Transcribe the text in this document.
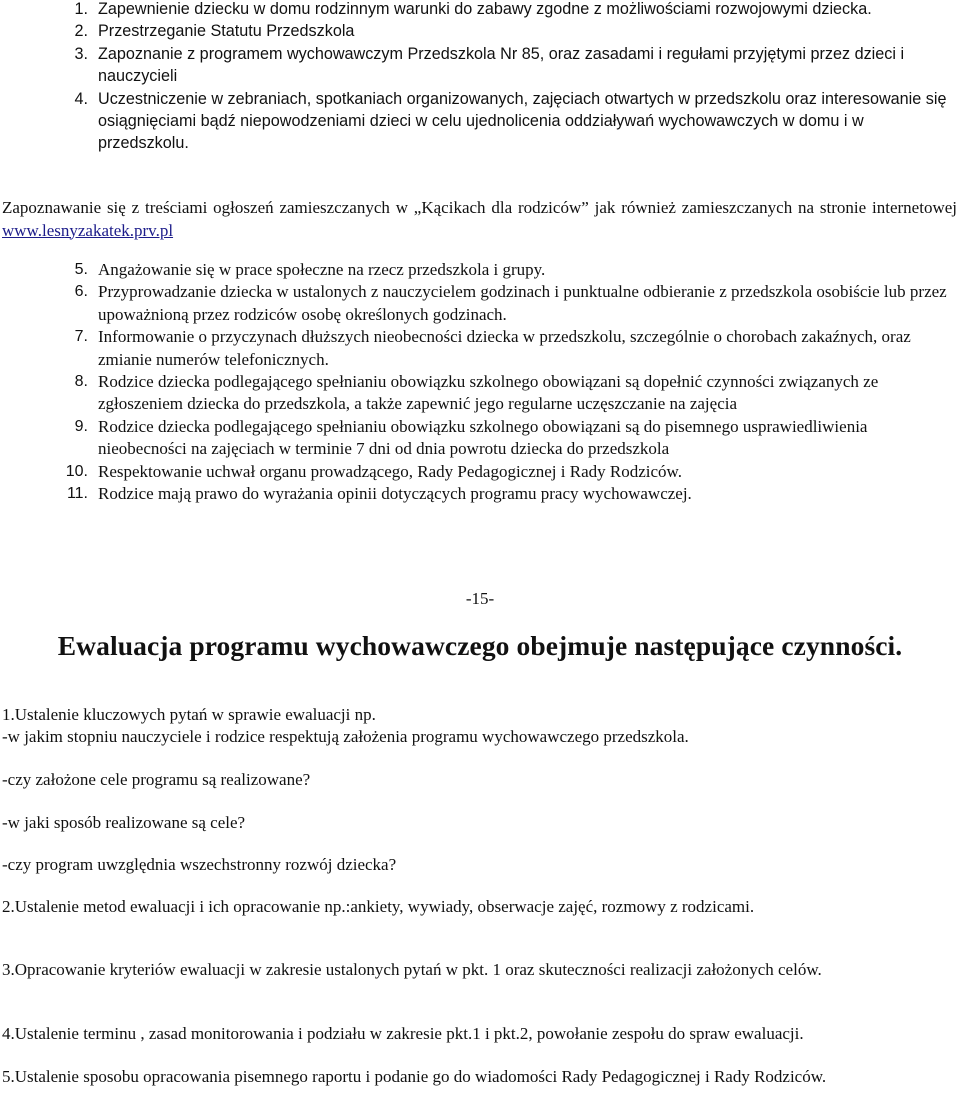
1. Zapewnienie dziecku w domu rodzinnym warunki do zabawy zgodne z możliwościami rozwojowymi dziecka.
2. Przestrzeganie Statutu Przedszkola
3. Zapoznanie z programem wychowawczym Przedszkola Nr 85, oraz zasadami i regułami przyjętymi przez dzieci i nauczycieli
4. Uczestniczenie w zebraniach, spotkaniach organizowanych, zajęciach otwartych w przedszkolu oraz interesowanie się osiągnięciami bądź niepowodzeniami dzieci w celu ujednolicenia oddziaływań wychowawczych w domu i w przedszkolu.

Zapoznawanie się z treściami ogłoszeń zamieszczanych w „Kącikach dla rodziców” jak również zamieszczanych na stronie internetowej www.lesnyzakatek.prv.pl

5. Angażowanie się w prace społeczne na rzecz przedszkola i grupy.
6. Przyprowadzanie dziecka w ustalonych z nauczycielem godzinach i punktualne odbieranie z przedszkola osobiście lub przez upoważnioną przez rodziców osobę określonych godzinach.
7. Informowanie o przyczynach dłuższych nieobecności dziecka w przedszkolu, szczególnie o chorobach zakaźnych, oraz zmianie numerów telefonicznych.
8. Rodzice dziecka podlegającego spełnianiu obowiązku szkolnego obowiązani są dopełnić czynności związanych ze zgłoszeniem dziecka do przedszkola, a także zapewnić jego regularne uczęszczanie na zajęcia
9. Rodzice dziecka podlegającego spełnianiu obowiązku szkolnego obowiązani są do pisemnego usprawiedliwienia nieobecności na zajęciach w terminie 7 dni od dnia powrotu dziecka do przedszkola
10. Respektowanie uchwał organu prowadzącego, Rady Pedagogicznej i Rady Rodziców.
11. Rodzice mają prawo do wyrażania opinii dotyczących programu pracy wychowawczej.

-15-

Ewaluacja programu wychowawczego obejmuje następujące czynności.

1.Ustalenie kluczowych pytań w sprawie ewaluacji np.

-w jakim stopniu nauczyciele i rodzice respektują założenia programu wychowawczego przedszkola.

-czy założone cele programu są realizowane?

-w jaki sposób realizowane są cele?

-czy program uwzględnia wszechstronny rozwój dziecka?

2.Ustalenie metod ewaluacji i ich opracowanie np.:ankiety, wywiady, obserwacje zajęć, rozmowy z rodzicami.

3.Opracowanie kryteriów ewaluacji w zakresie ustalonych pytań w pkt. 1 oraz skuteczności realizacji założonych celów.

4.Ustalenie terminu , zasad monitorowania i podziału w zakresie pkt.1 i pkt.2, powołanie zespołu do spraw ewaluacji.

5.Ustalenie sposobu opracowania pisemnego raportu i podanie go do wiadomości Rady Pedagogicznej i Rady Rodziców.
